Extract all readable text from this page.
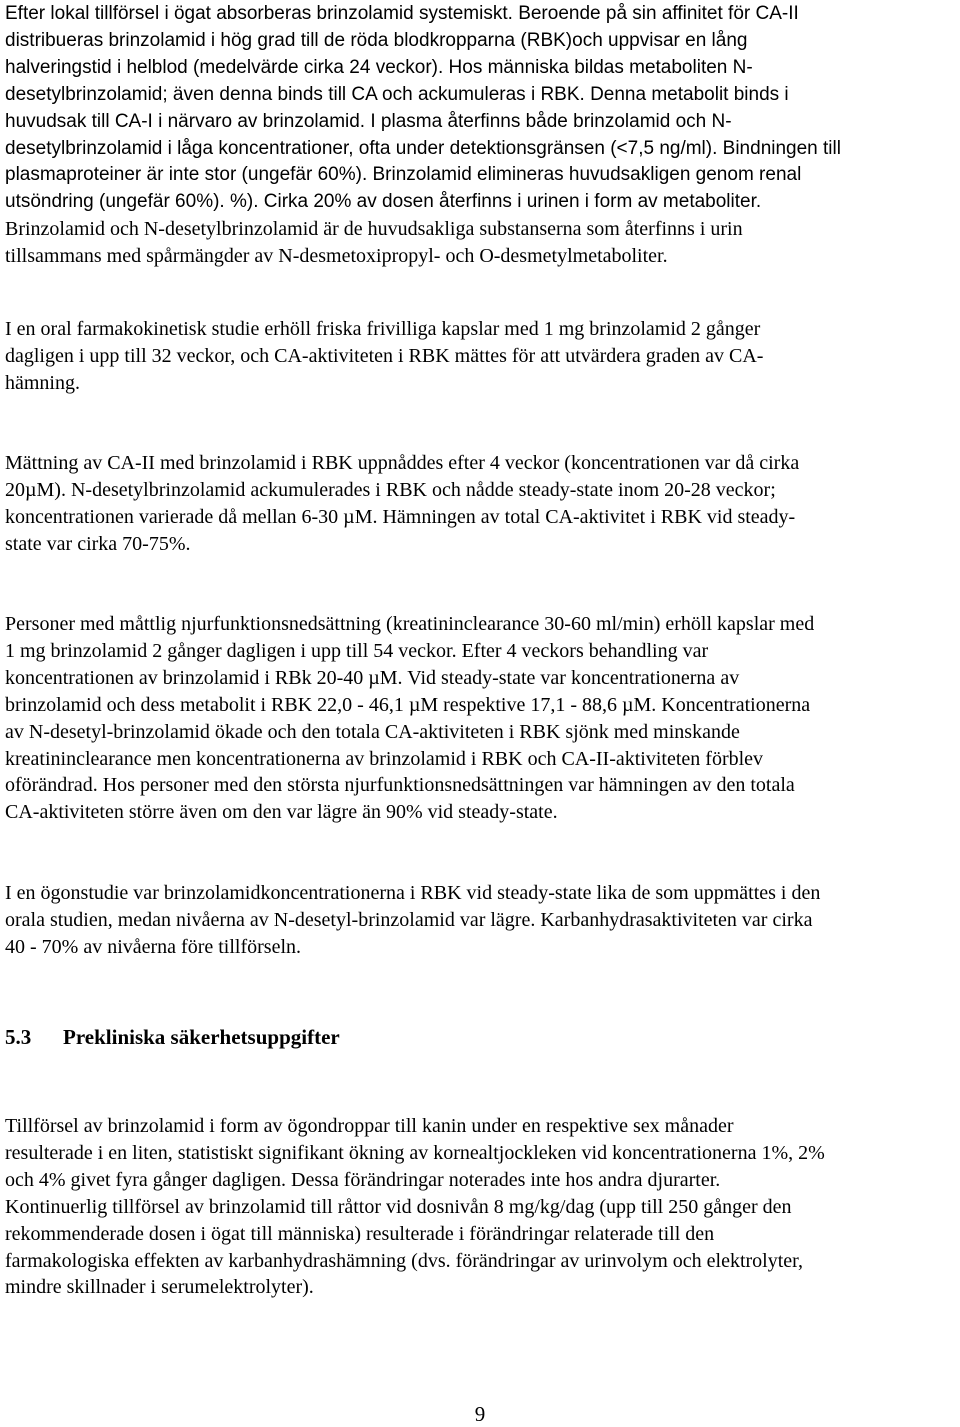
Efter lokal tillförsel i ögat absorberas brinzolamid systemiskt. Beroende på sin affinitet för CA-II
distribueras brinzolamid i hög grad till de röda blodkropparna (RBK)och uppvisar en lång
halveringstid i helblod (medelvärde cirka 24 veckor). Hos människa bildas metaboliten N-
desetylbrinzolamid; även denna binds till CA och ackumuleras i RBK. Denna metabolit binds i
huvudsak till CA-I i närvaro av brinzolamid. I plasma återfinns både brinzolamid och N-
desetylbrinzolamid i låga koncentrationer, ofta under detektionsgränsen (<7,5 ng/ml). Bindningen till
plasmaproteiner är inte stor (ungefär 60%). Brinzolamid elimineras huvudsakligen genom renal
utsöndring (ungefär 60%). %). Cirka 20% av dosen återfinns i urinen i form av metaboliter.
Brinzolamid och N-desetylbrinzolamid är de huvudsakliga substanserna som återfinns i urin
tillsammans med spårmängder av N-desmetoxipropyl- och O-desmetylmetaboliter.
I en oral farmakokinetisk studie erhöll friska frivilliga kapslar med 1 mg brinzolamid 2 gånger
dagligen i upp till 32 veckor, och CA-aktiviteten i RBK mättes för att utvärdera graden av CA-
hämning.
Mättning av CA-II med brinzolamid i RBK uppnåddes efter 4 veckor (koncentrationen var då cirka
20µM). N-desetylbrinzolamid ackumulerades i RBK och nådde steady-state inom 20-28 veckor;
koncentrationen varierade då mellan 6-30 µM. Hämningen av total CA-aktivitet i RBK vid steady-
state var cirka 70-75%.
Personer med måttlig njurfunktionsnedsättning (kreatininclearance 30-60 ml/min) erhöll kapslar med
1 mg brinzolamid 2 gånger dagligen i upp till 54 veckor. Efter 4 veckors behandling var
koncentrationen av brinzolamid i RBk 20-40 µM. Vid steady-state var koncentrationerna av
brinzolamid och dess metabolit i RBK 22,0 - 46,1 µM respektive 17,1 - 88,6 µM. Koncentrationerna
av N-desetyl-brinzolamid ökade och den totala CA-aktiviteten i RBK sjönk med minskande
kreatininclearance men koncentrationerna av brinzolamid i RBK och CA-II-aktiviteten förblev
oförändrad. Hos personer med den största njurfunktionsnedsättningen var hämningen av den totala
CA-aktiviteten större även om den var lägre än 90% vid steady-state.
I en ögonstudie var brinzolamidkoncentrationerna i RBK vid steady-state lika de som uppmättes i den
orala studien, medan nivåerna av N-desetyl-brinzolamid var lägre. Karbanhydrasaktiviteten var cirka
40 - 70% av nivåerna före tillförseln.
Tillförsel av brinzolamid i form av ögondroppar till kanin under en respektive sex månader
resulterade i en liten, statistiskt signifikant ökning av kornealtjockleken vid koncentrationerna 1%, 2%
och 4% givet fyra gånger dagligen. Dessa förändringar noterades inte hos andra djurarter.
Kontinuerlig tillförsel av brinzolamid till råttor vid dosnivån 8 mg/kg/dag (upp till 250 gånger den
rekommenderade dosen i ögat till människa) resulterade i förändringar relaterade till den
farmakologiska effekten av karbanhydrashämning (dvs. förändringar av urinvolym och elektrolyter,
mindre skillnader i serumelektrolyter).
5.3 Prekliniska säkerhetsuppgifter
9
